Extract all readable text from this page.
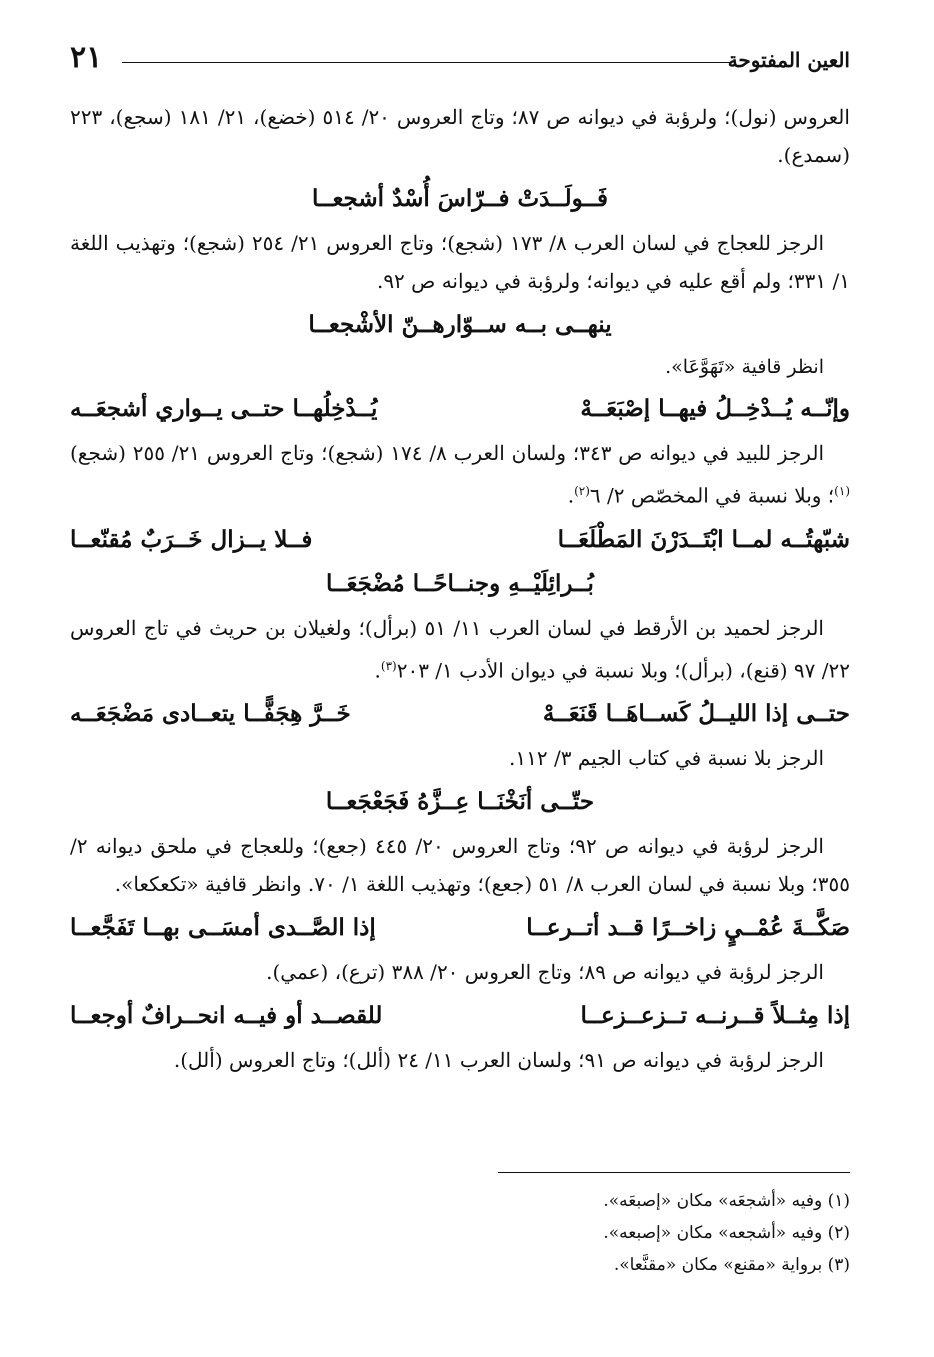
العين المفتوحة
٢١

العروس (نول)؛ ولرؤبة في ديوانه ص ٨٧؛ وتاج العروس ٢٠/ ٥١٤ (خضع)، ٢١/ ١٨١ (سجع)، ٢٢٣ (سمدع).

فَــولَــدَتْ فــرّاسَ أُسْدٌ أشجعــا

الرجز للعجاج في لسان العرب ٨/ ١٧٣ (شجع)؛ وتاج العروس ٢١/ ٢٥٤ (شجع)؛ وتهذيب اللغة ١/ ٣٣١؛ ولم أقع عليه في ديوانه؛ ولرؤبة في ديوانه ص ٩٢.

ينهــى بــه ســوّارهــنّ الأشْجعــا

انظر قافية «تَهَوَّعَا».

وإنّــه يُــدْخِــلُ فيهــا إصْبَعَــهْ
يُــدْخِلُهــا حتــى يــواري أشجعَــه

الرجز للبيد في ديوانه ص ٣٤٣؛ ولسان العرب ٨/ ١٧٤ (شجع)؛ وتاج العروس ٢١/ ٢٥٥ (شجع)$^{(١)}$؛ وبلا نسبة في المخصّص ٢/ ٦$^{(٢)}$.

شبّهتُــه لمــا ابْتَــدَرْنَ المَطْلَعَــا
فــلا يــزال خَــرَبٌ مُقنّعــا
بُــرائِلَيْــهِ وجنــاحًــا مُضْجَعَــا

الرجز لحميد بن الأرقط في لسان العرب ١١/ ٥١ (برأل)؛ ولغيلان بن حريث في تاج العروس ٢٢/ ٩٧ (قنع)، (برأل)؛ وبلا نسبة في ديوان الأدب ١/ ٢٠٣$^{(٣)}$.

حتــى إذا الليــلُ كَســاهَــا قَنَعَــهْ
خَــرَّ هِجَفًّــا يتعــادى مَضْجَعَــه

الرجز بلا نسبة في كتاب الجيم ٣/ ١١٢.

حتّــى أنَخْنَــا عِــزَّهُ فَجَعْجَعــا

الرجز لرؤبة في ديوانه ص ٩٢؛ وتاج العروس ٢٠/ ٤٤٥ (جعع)؛ وللعجاج في ملحق ديوانه ٢/ ٣٥٥؛ وبلا نسبة في لسان العرب ٨/ ٥١ (جعع)؛ وتهذيب اللغة ١/ ٧٠. وانظر قافية «تكعكعا».

صَكَّــةَ عُمْــيٍ زاخــرًا قــد أتــرعــا
إذا الصَّــدى أمسَــى بهــا تَفَجَّعــا

الرجز لرؤبة في ديوانه ص ٨٩؛ وتاج العروس ٢٠/ ٣٨٨ (ترع)، (عمي).

إذا مِثــلاً قــرنــه تــزعــزعــا
للقصــد أو فيــه انحــرافٌ أوجعــا

الرجز لرؤبة في ديوانه ص ٩١؛ ولسان العرب ١١/ ٢٤ (ألل)؛ وتاج العروس (ألل).

(١) وفيه «أشجعَه» مكان «إصبعَه».

(٢) وفيه «أشجعه» مكان «إصبعه».

(٣) برواية «مقنع» مكان «مقنَّعا».
